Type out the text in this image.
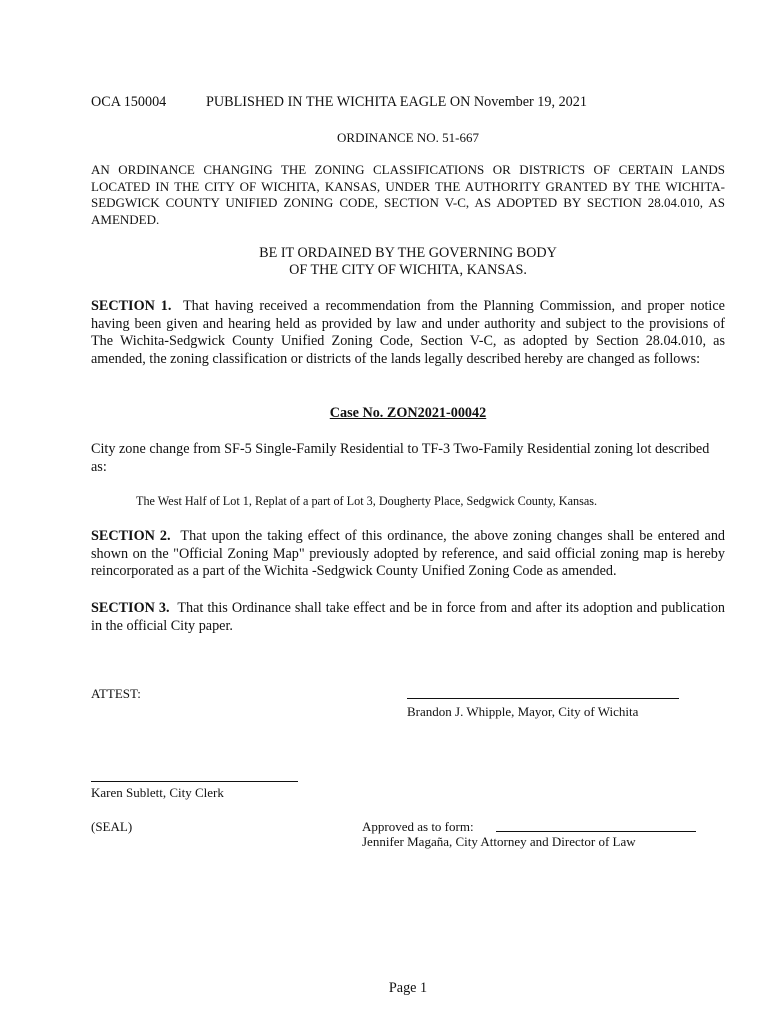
OCA 150004	PUBLISHED IN THE WICHITA EAGLE ON November 19, 2021
ORDINANCE NO. 51-667
AN ORDINANCE CHANGING THE ZONING CLASSIFICATIONS OR DISTRICTS OF CERTAIN LANDS LOCATED IN THE CITY OF WICHITA, KANSAS, UNDER THE AUTHORITY GRANTED BY THE WICHITA-SEDGWICK COUNTY UNIFIED ZONING CODE, SECTION V-C, AS ADOPTED BY SECTION 28.04.010, AS AMENDED.
BE IT ORDAINED BY THE GOVERNING BODY
OF THE CITY OF WICHITA, KANSAS.
SECTION 1. That having received a recommendation from the Planning Commission, and proper notice having been given and hearing held as provided by law and under authority and subject to the provisions of The Wichita-Sedgwick County Unified Zoning Code, Section V-C, as adopted by Section 28.04.010, as amended, the zoning classification or districts of the lands legally described hereby are changed as follows:
Case No. ZON2021-00042
City zone change from SF-5 Single-Family Residential to TF-3 Two-Family Residential zoning lot described as:
The West Half of Lot 1, Replat of a part of Lot 3, Dougherty Place, Sedgwick County, Kansas.
SECTION 2. That upon the taking effect of this ordinance, the above zoning changes shall be entered and shown on the "Official Zoning Map" previously adopted by reference, and said official zoning map is hereby reincorporated as a part of the Wichita -Sedgwick County Unified Zoning Code as amended.
SECTION 3. That this Ordinance shall take effect and be in force from and after its adoption and publication in the official City paper.
ATTEST:
Brandon J. Whipple, Mayor, City of Wichita
Karen Sublett, City Clerk
(SEAL)	Approved as to form:
Jennifer Magaña, City Attorney and Director of Law
Page 1
